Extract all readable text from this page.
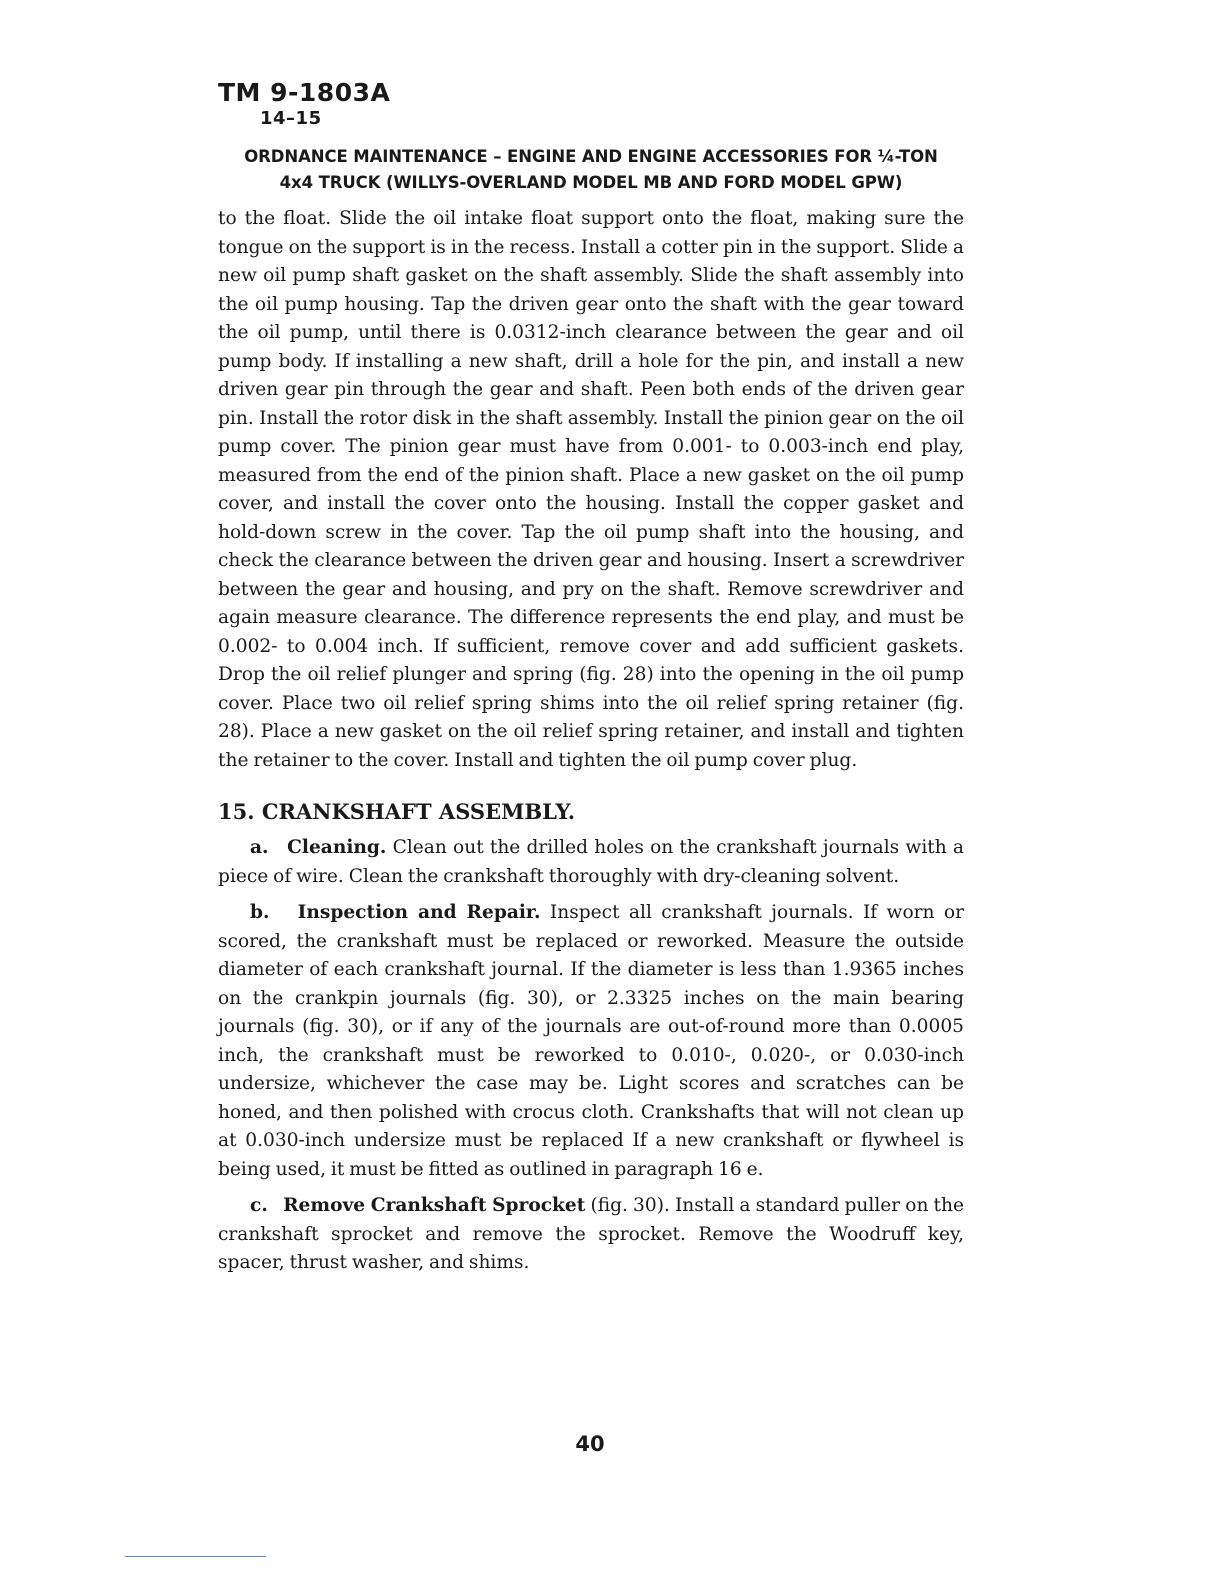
TM 9-1803A
14–15
ORDNANCE MAINTENANCE – ENGINE AND ENGINE ACCESSORIES FOR ¼-TON
4x4 TRUCK (WILLYS-OVERLAND MODEL MB AND FORD MODEL GPW)
to the float. Slide the oil intake float support onto the float, making sure the tongue on the support is in the recess. Install a cotter pin in the support. Slide a new oil pump shaft gasket on the shaft assembly. Slide the shaft assembly into the oil pump housing. Tap the driven gear onto the shaft with the gear toward the oil pump, until there is 0.0312-inch clearance between the gear and oil pump body. If installing a new shaft, drill a hole for the pin, and install a new driven gear pin through the gear and shaft. Peen both ends of the driven gear pin. Install the rotor disk in the shaft assembly. Install the pinion gear on the oil pump cover. The pinion gear must have from 0.001- to 0.003-inch end play, measured from the end of the pinion shaft. Place a new gasket on the oil pump cover, and install the cover onto the housing. Install the copper gasket and hold-down screw in the cover. Tap the oil pump shaft into the housing, and check the clearance between the driven gear and housing. Insert a screwdriver between the gear and housing, and pry on the shaft. Remove screwdriver and again measure clearance. The difference represents the end play, and must be 0.002- to 0.004 inch. If sufficient, remove cover and add sufficient gaskets. Drop the oil relief plunger and spring (fig. 28) into the opening in the oil pump cover. Place two oil relief spring shims into the oil relief spring retainer (fig. 28). Place a new gasket on the oil relief spring retainer, and install and tighten the retainer to the cover. Install and tighten the oil pump cover plug.
15. CRANKSHAFT ASSEMBLY.
a. Cleaning. Clean out the drilled holes on the crankshaft journals with a piece of wire. Clean the crankshaft thoroughly with dry-cleaning solvent.
b. Inspection and Repair. Inspect all crankshaft journals. If worn or scored, the crankshaft must be replaced or reworked. Measure the outside diameter of each crankshaft journal. If the diameter is less than 1.9365 inches on the crankpin journals (fig. 30), or 2.3325 inches on the main bearing journals (fig. 30), or if any of the journals are out-of-round more than 0.0005 inch, the crankshaft must be reworked to 0.010-, 0.020-, or 0.030-inch undersize, whichever the case may be. Light scores and scratches can be honed, and then polished with crocus cloth. Crankshafts that will not clean up at 0.030-inch undersize must be replaced If a new crankshaft or flywheel is being used, it must be fitted as outlined in paragraph 16 e.
c. Remove Crankshaft Sprocket (fig. 30). Install a standard puller on the crankshaft sprocket and remove the sprocket. Remove the Woodruff key, spacer, thrust washer, and shims.
40
